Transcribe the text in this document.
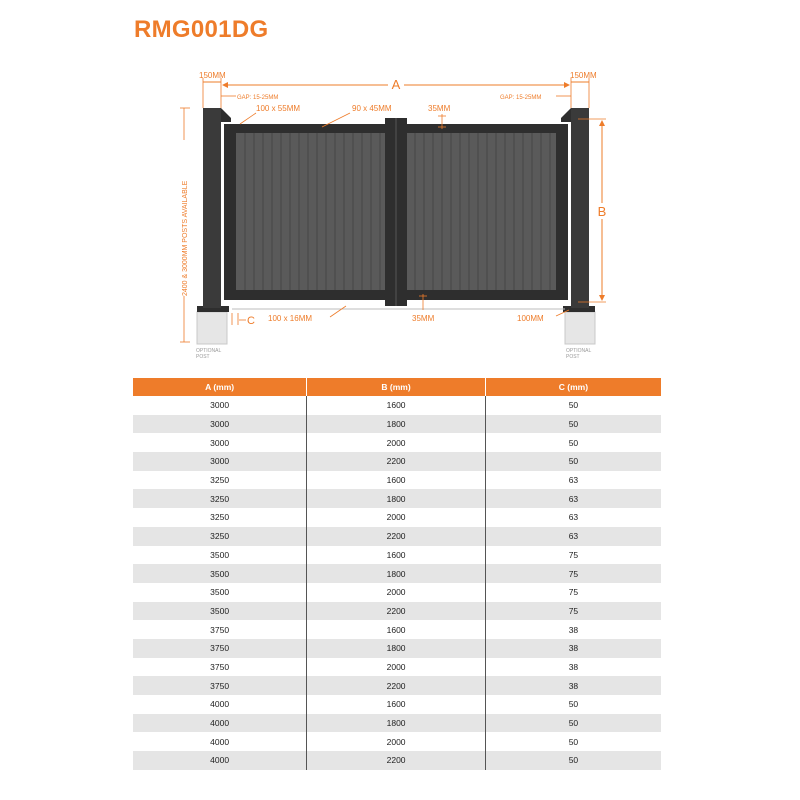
RMG001DG
150MM	150MM
A
GAP: 15-25MM	GAP: 15-25MM
100 x 55MM	90 x 45MM	35MM
B
2400 & 3000MM POSTS AVAILABLE
C 100 x 16MM	35MM	100MM
OPTIONAL
POST
OPTIONAL
POST
A (mm)	B (mm)	C (mm)
3000	1600	50
3000	1800	50
3000	2000	50
3000	2200	50
3250	1600	63
3250	1800	63
3250	2000	63
3250	2200	63
3500	1600	75
3500	1800	75
3500	2000	75
3500	2200	75
3750	1600	38
3750	1800	38
3750	2000	38
3750	2200	38
4000	1600	50
4000	1800	50
4000	2000	50
4000	2200	50
